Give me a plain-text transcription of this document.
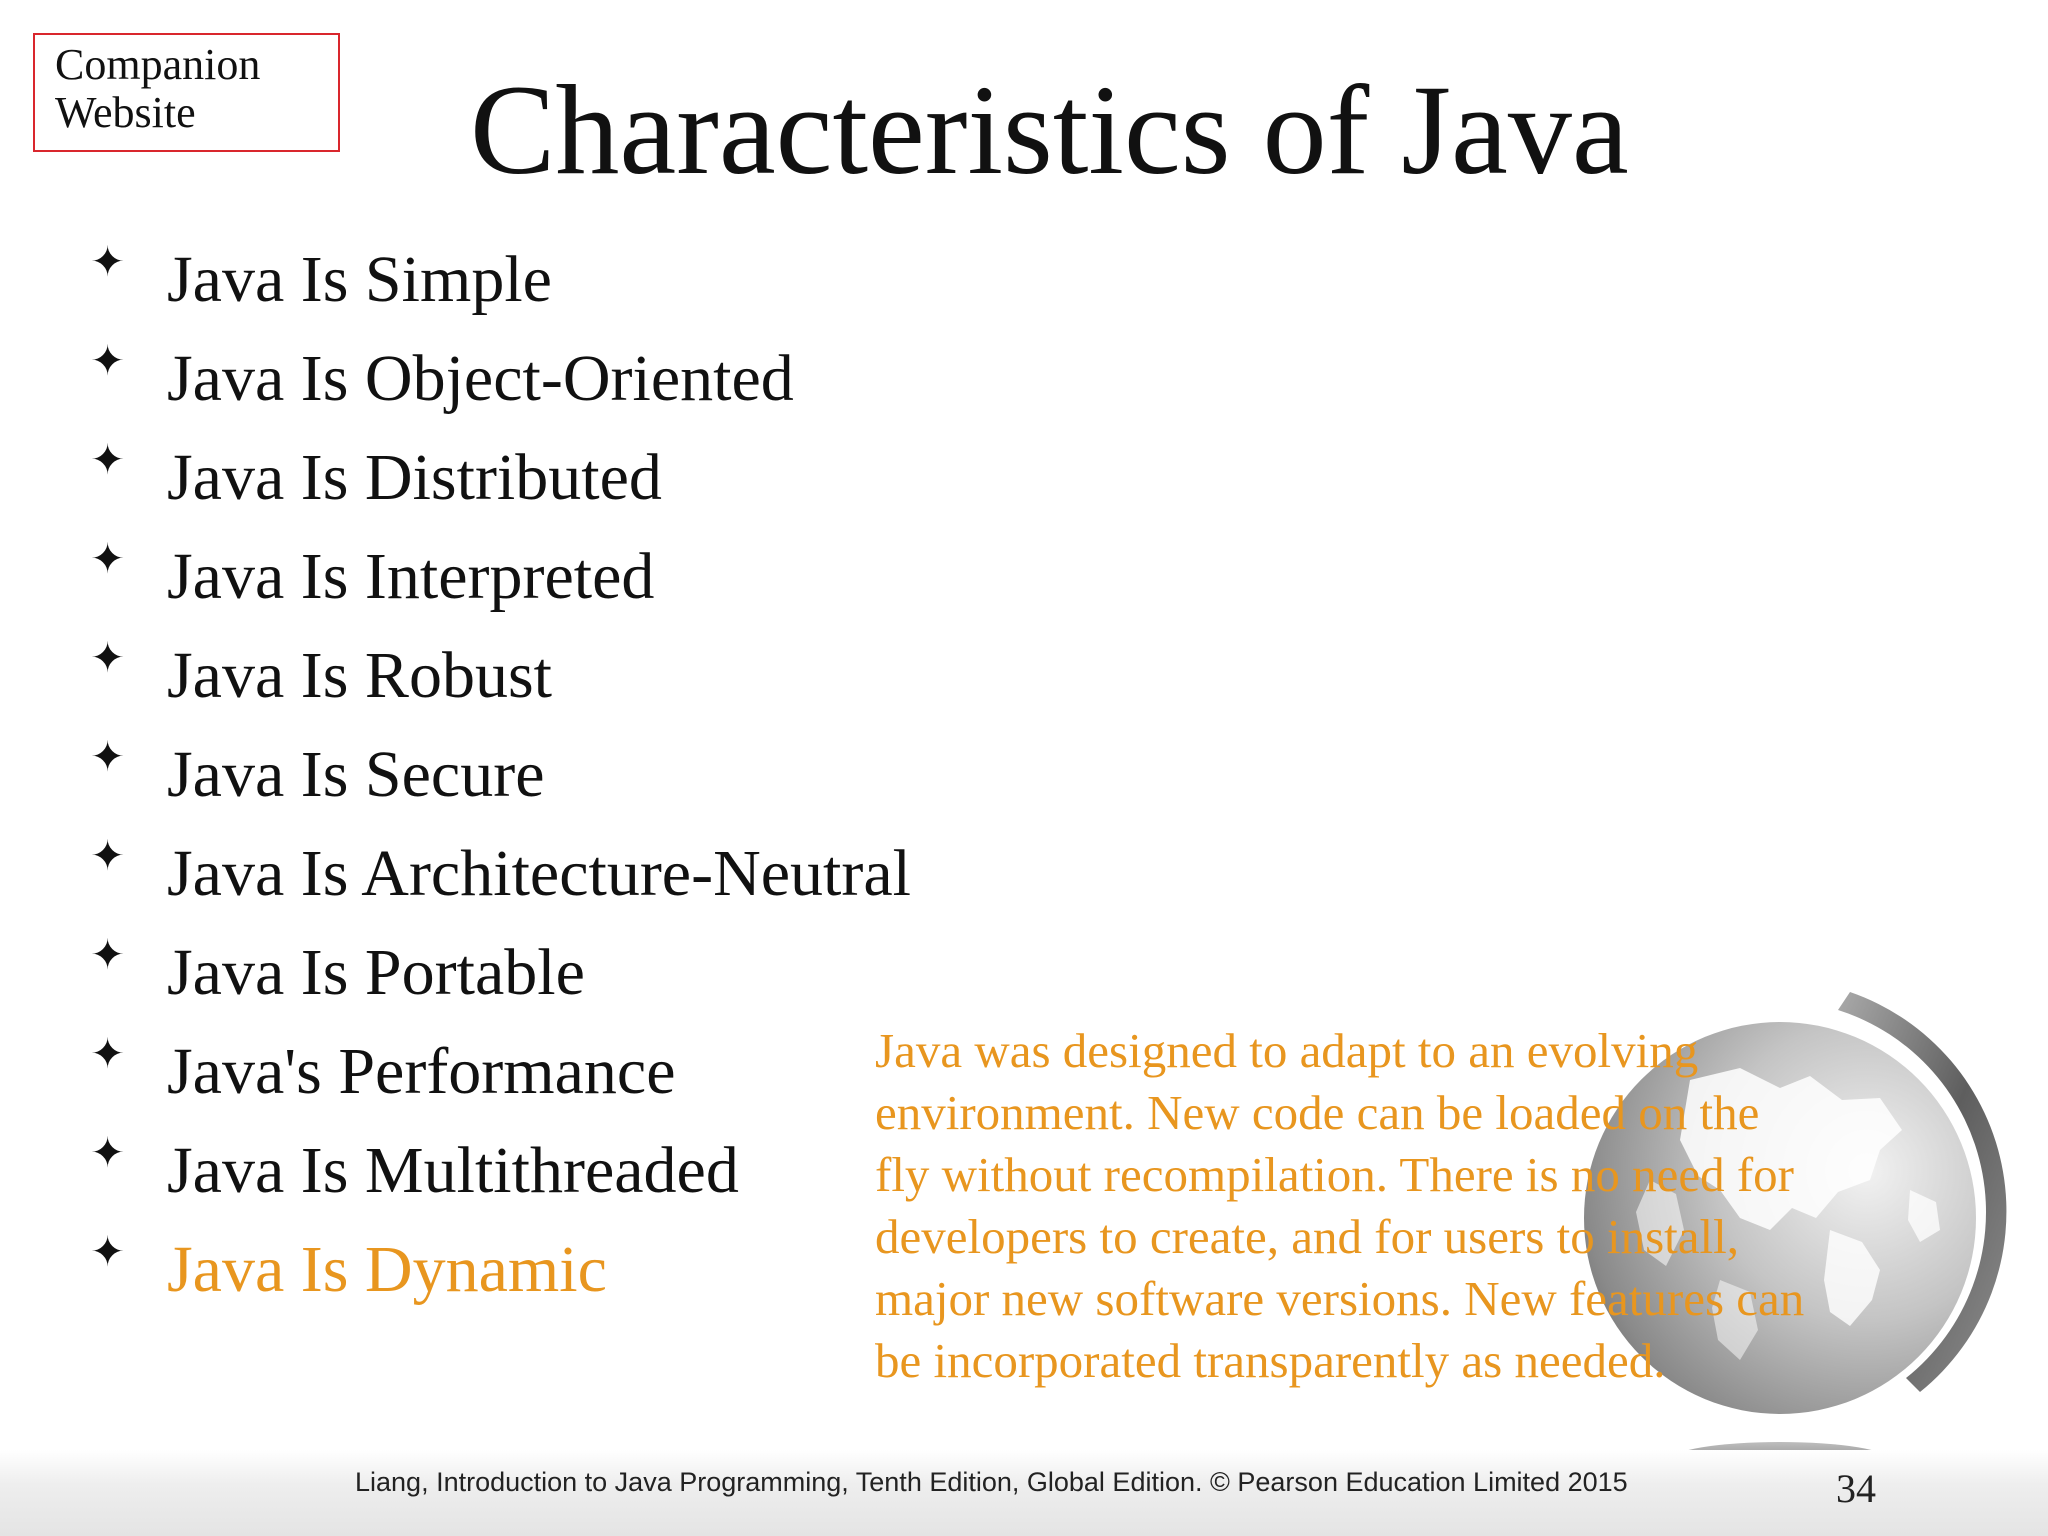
Companion
Website	Characteristics of Java
✦ Java Is Simple
✦ Java Is Object-Oriented
✦ Java Is Distributed
✦ Java Is Interpreted
✦ Java Is Robust
✦ Java Is Secure
✦ Java Is Architecture-Neutral
✦ Java Is Portable
✦ Java's Performance
✦ Java Is Multithreaded
✦ Java Is Dynamic
Java was designed to adapt to an evolving
environment. New code can be loaded on the
fly without recompilation. There is no need for
developers to create, and for users to install,
major new software versions. New features can
be incorporated transparently as needed.
Liang, Introduction to Java Programming, Tenth Edition, Global Edition. © Pearson Education Limited 2015	34
